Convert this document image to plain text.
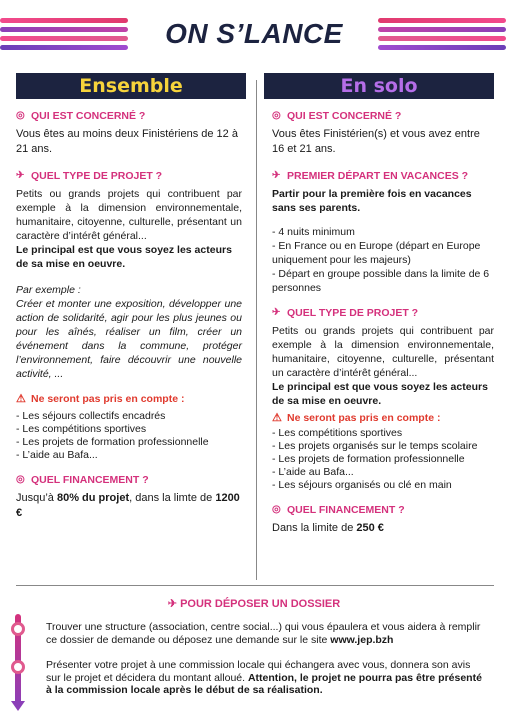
ON S’LANCE
Ensemble	En solo
◎ QUI EST CONCERNÉ ?

Vous êtes au moins deux Finistériens de 12 à 21 ans.

✈ QUEL TYPE DE PROJET ?

Petits ou grands projets qui contribuent par exemple à la dimension environnementale, humanitaire, citoyenne, culturelle, présentant un caractère d’intérêt général...

Le principal est que vous soyez les acteurs de sa mise en oeuvre.

Par exemple :

Créer et monter une exposition, développer une action de solidarité, agir pour les plus jeunes ou pour les aînés, réaliser un film, créer un événement dans la commune, protéger l’environnement, faire découvrir une nouvelle activité, ...

⚠ Ne seront pas pris en compte :
- Les séjours collectifs encadrés
- Les compétitions sportives
- Les projets de formation professionnelle
- L’aide au Bafa...
◎ QUEL FINANCEMENT ?

Jusqu’à 80% du projet, dans la limte de 1200 €

◎ QUI EST CONCERNÉ ?

Vous êtes Finistérien(s) et vous avez entre 16 et 21 ans.

✈ PREMIER DÉPART EN VACANCES ?

Partir pour la première fois en vacances sans ses parents.

- 4 nuits minimum
- En France ou en Europe (départ en Europe uniquement pour les majeurs)
- Départ en groupe possible dans la limite de 6 personnes
✈ QUEL TYPE DE PROJET ?

Petits ou grands projets qui contribuent par exemple à la dimension environnementale, humanitaire, citoyenne, culturelle, présentant un caractère d’intérêt général...

Le principal est que vous soyez les acteurs de sa mise en oeuvre.

⚠ Ne seront pas pris en compte :
- Les compétitions sportives
- Les projets organisés sur le temps scolaire
- Les projets de formation professionnelle
- L’aide au Bafa...
- Les séjours organisés ou clé en main
◎ QUEL FINANCEMENT ?

Dans la limite de 250 €

✈ POUR DÉPOSER UN DOSSIER
Trouver une structure (association, centre social...) qui vous épaulera et vous aidera à remplir ce dossier de demande ou déposez une demande sur le site www.jep.bzh
Présenter votre projet à une commission locale qui échangera avec vous, donnera son avis sur le projet et décidera du montant alloué. Attention, le projet ne pourra pas être présenté à la commission locale après le début de sa réalisation.
